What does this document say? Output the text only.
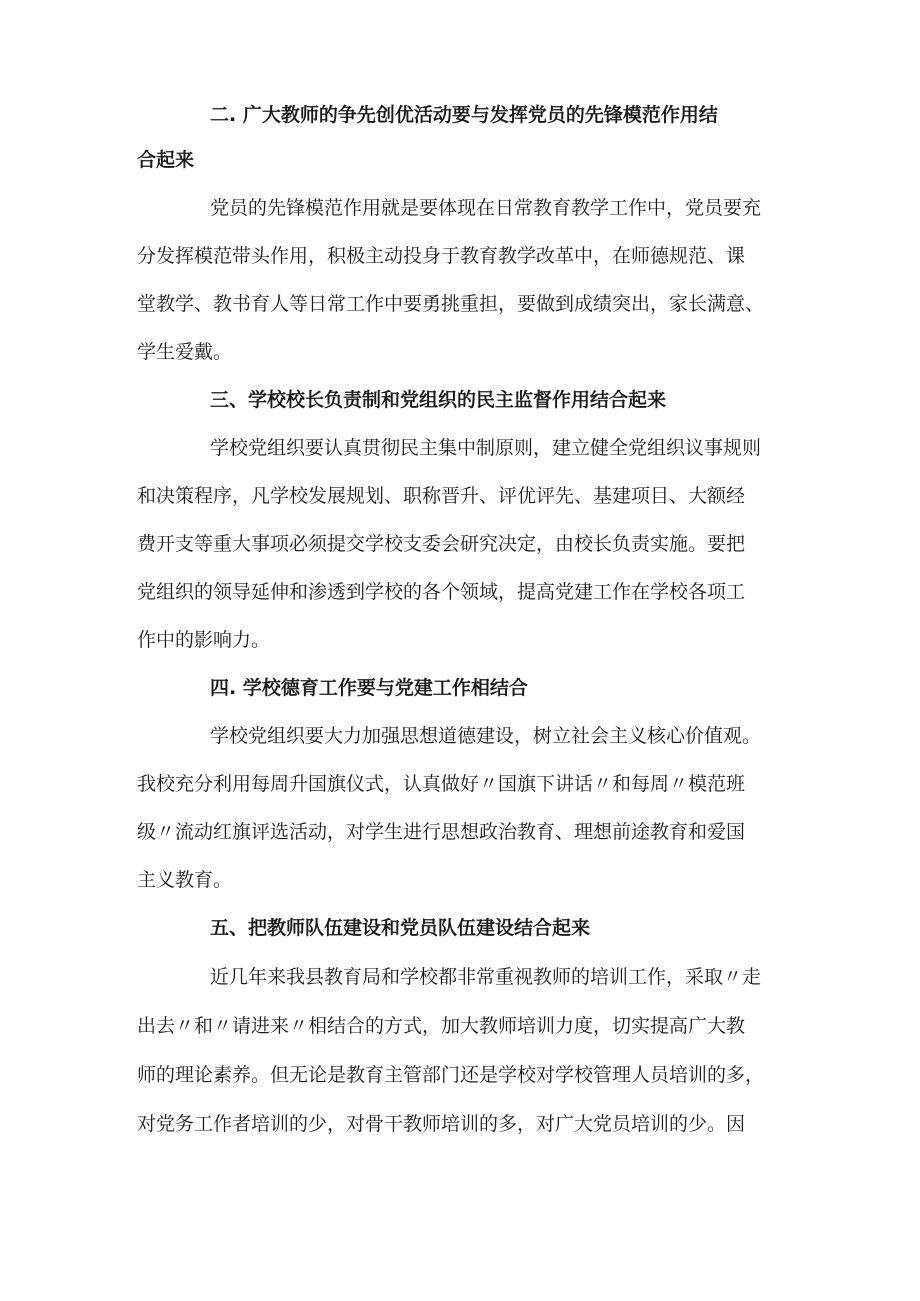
二. 广大教师的争先创优活动要与发挥党员的先锋模范作用结
合起来
党员的先锋模范作用就是要体现在日常教育教学工作中，党员要充
分发挥模范带头作用，积极主动投身于教育教学改革中，在师德规范、课
堂教学、教书育人等日常工作中要勇挑重担，要做到成绩突出，家长满意、
学生爱戴。
三、学校校长负责制和党组织的民主监督作用结合起来
学校党组织要认真贯彻民主集中制原则，建立健全党组织议事规则
和决策程序，凡学校发展规划、职称晋升、评优评先、基建项目、大额经
费开支等重大事项必须提交学校支委会研究决定，由校长负责实施。要把
党组织的领导延伸和渗透到学校的各个领域，提高党建工作在学校各项工
作中的影响力。
四. 学校德育工作要与党建工作相结合
学校党组织要大力加强思想道德建设，树立社会主义核心价值观。
我校充分利用每周升国旗仪式，认真做好〃国旗下讲话〃和每周〃模范班
级〃流动红旗评选活动，对学生进行思想政治教育、理想前途教育和爱国
主义教育。
五、把教师队伍建设和党员队伍建设结合起来
近几年来我县教育局和学校都非常重视教师的培训工作，采取〃走
出去〃和〃请进来〃相结合的方式，加大教师培训力度，切实提高广大教
师的理论素养。但无论是教育主管部门还是学校对学校管理人员培训的多，
对党务工作者培训的少，对骨干教师培训的多，对广大党员培训的少。因
